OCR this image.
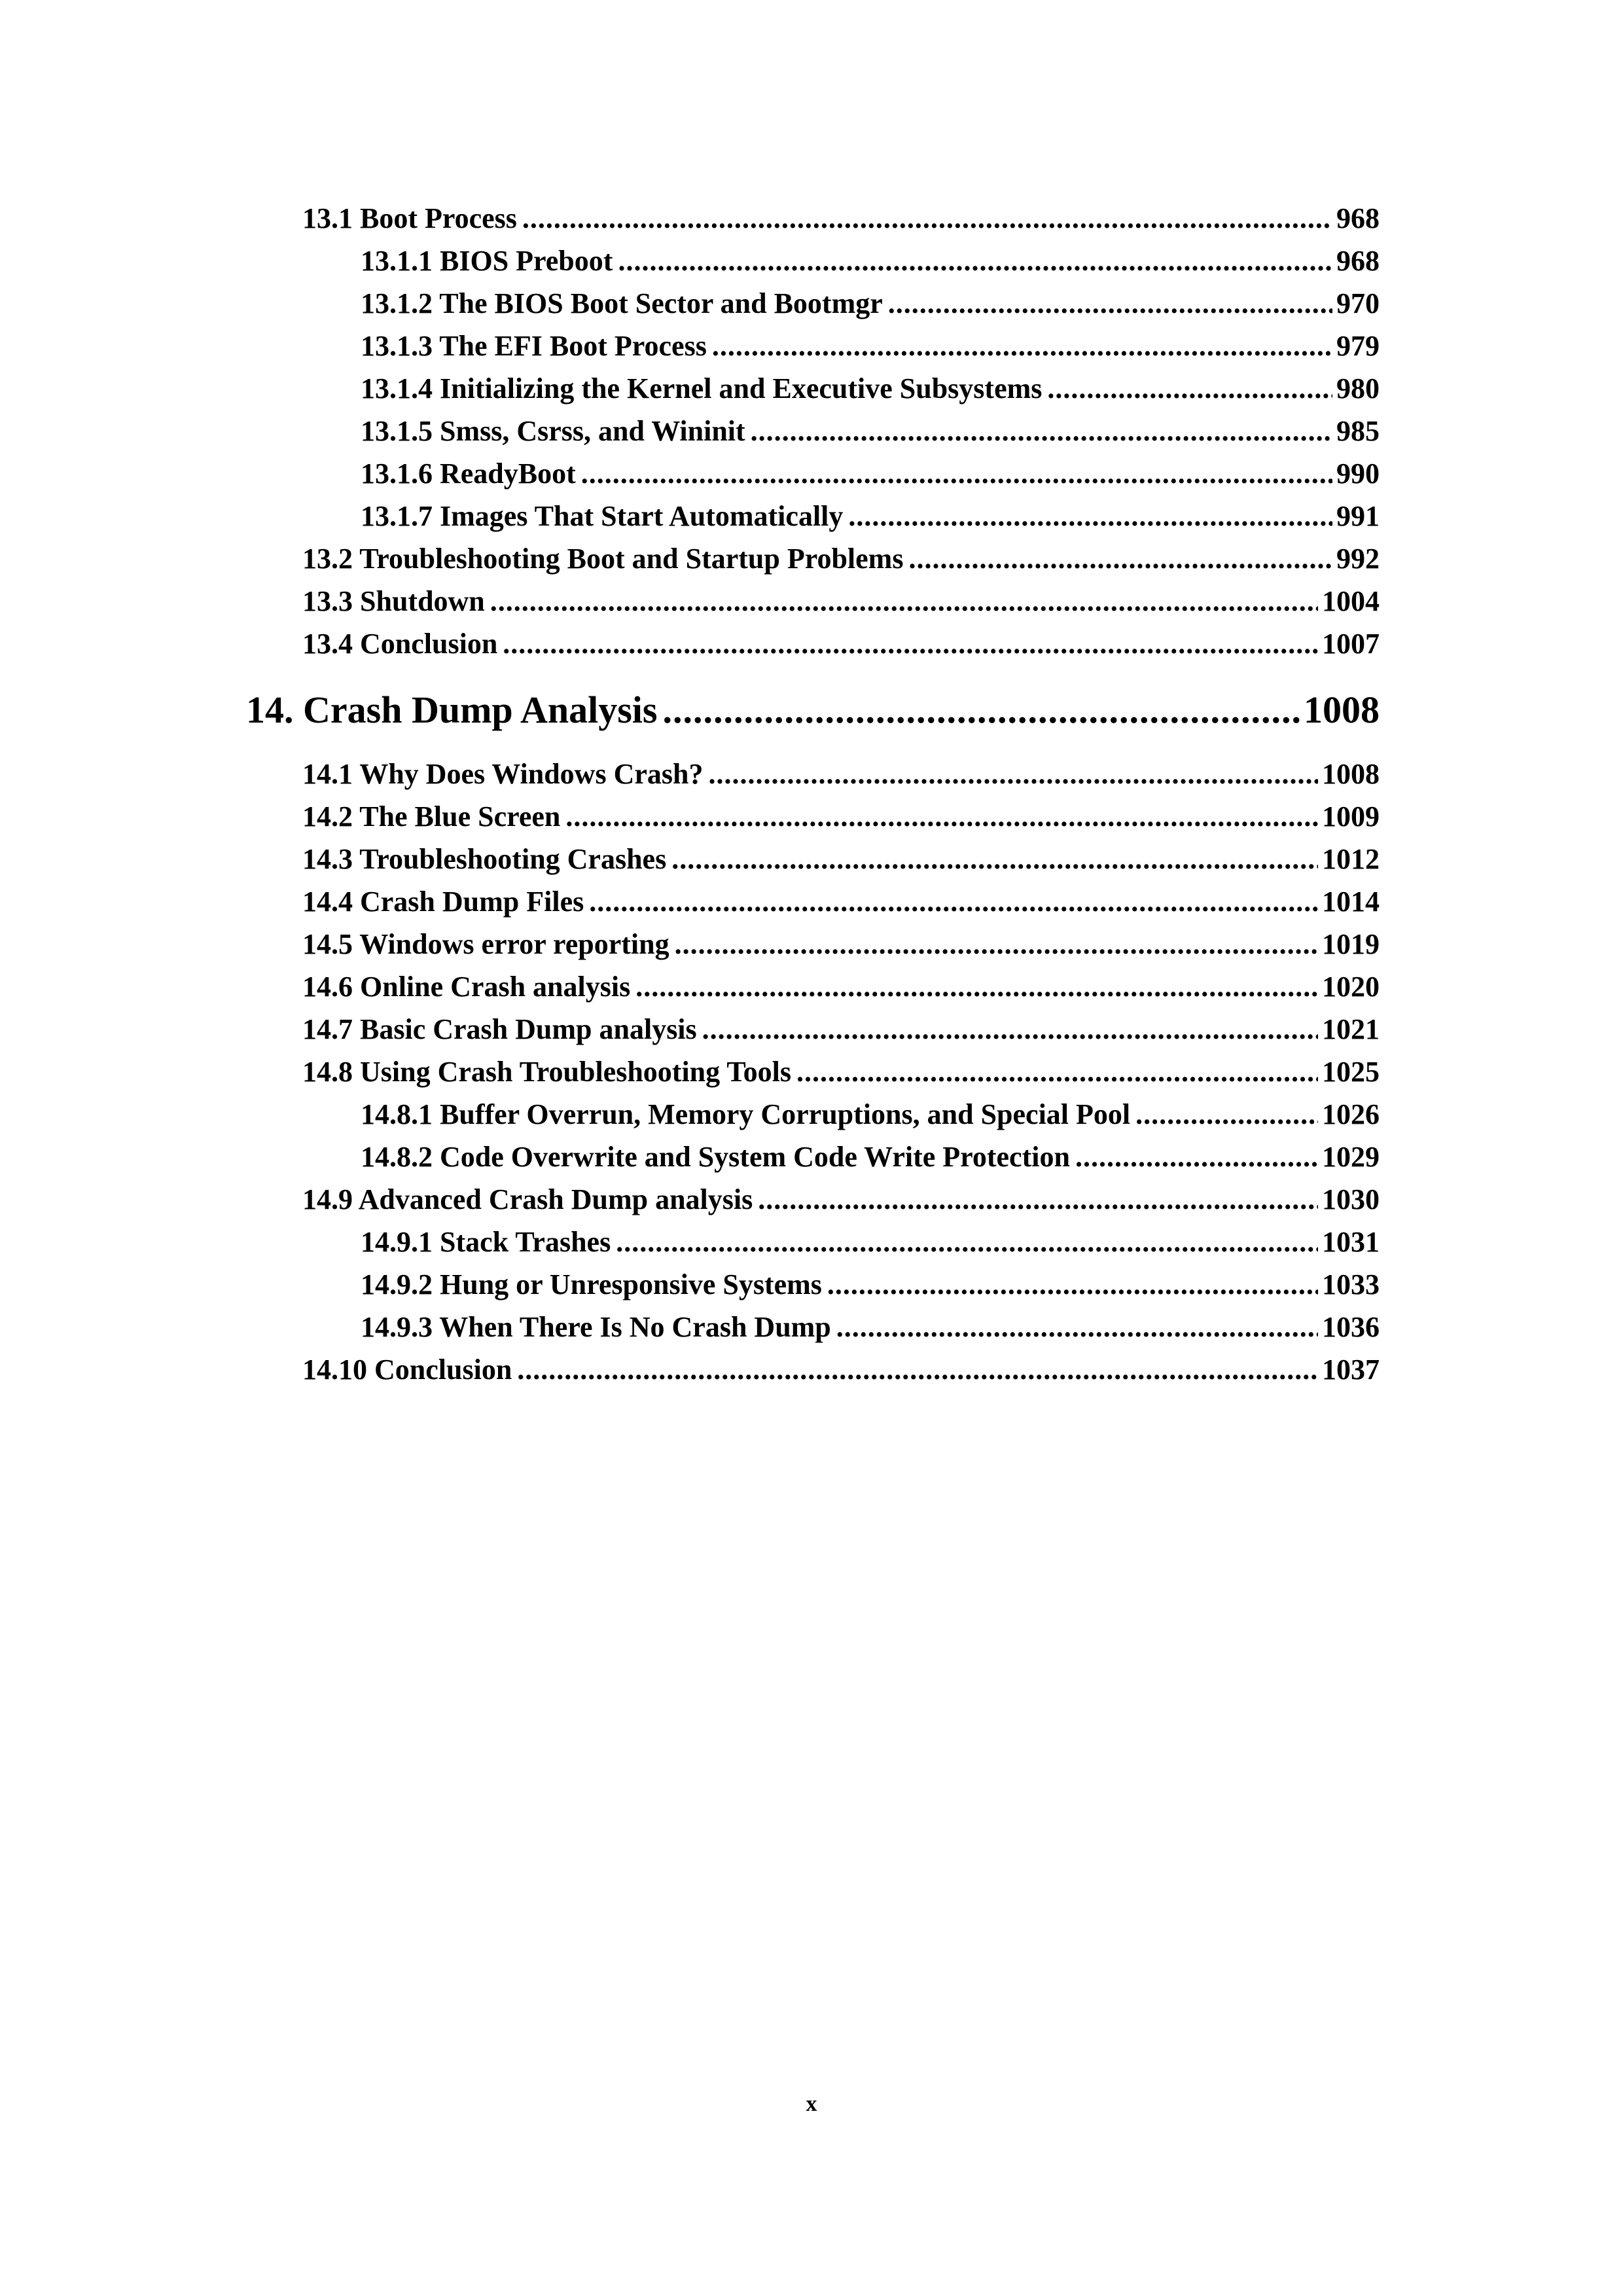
13.1 Boot Process .....	968
13.1.1 BIOS Preboot .....	968
13.1.2 The BIOS Boot Sector and Bootmgr .....	970
13.1.3 The EFI Boot Process .....	979
13.1.4 Initializing the Kernel and Executive Subsystems .....	980
13.1.5 Smss, Csrss, and Wininit .....	985
13.1.6 ReadyBoot .....	990
13.1.7 Images That Start Automatically .....	991
13.2 Troubleshooting Boot and Startup Problems .....	992
13.3 Shutdown .....	1004
13.4 Conclusion .....	1007
14. Crash Dump Analysis .....	1008
14.1 Why Does Windows Crash? .....	1008
14.2 The Blue Screen .....	1009
14.3 Troubleshooting Crashes .....	1012
14.4 Crash Dump Files .....	1014
14.5 Windows error reporting .....	1019
14.6 Online Crash analysis .....	1020
14.7 Basic Crash Dump analysis .....	1021
14.8 Using Crash Troubleshooting Tools .....	1025
14.8.1 Buffer Overrun, Memory Corruptions, and Special Pool .....	1026
14.8.2 Code Overwrite and System Code Write Protection .....	1029
14.9 Advanced Crash Dump analysis .....	1030
14.9.1 Stack Trashes .....	1031
14.9.2 Hung or Unresponsive Systems .....	1033
14.9.3 When There Is No Crash Dump .....	1036
14.10 Conclusion .....	1037
x
